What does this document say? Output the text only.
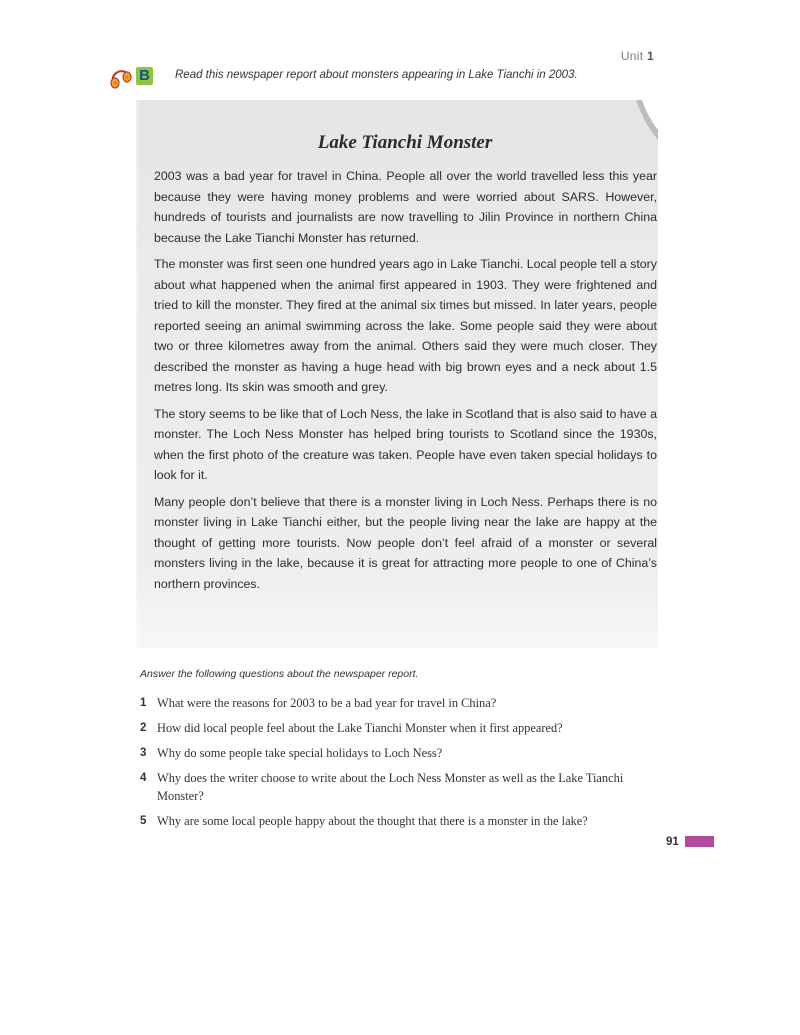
Unit 1
B Read this newspaper report about monsters appearing in Lake Tianchi in 2003.
Lake Tianchi Monster

2003 was a bad year for travel in China. People all over the world travelled less this year because they were having money problems and were worried about SARS. However, hundreds of tourists and journalists are now travelling to Jilin Province in northern China because the Lake Tianchi Monster has returned.

The monster was first seen one hundred years ago in Lake Tianchi. Local people tell a story about what happened when the animal first appeared in 1903. They were frightened and tried to kill the monster. They fired at the animal six times but missed. In later years, people reported seeing an animal swimming across the lake. Some people said they were about two or three kilometres away from the animal. Others said they were much closer. They described the monster as having a huge head with big brown eyes and a neck about 1.5 metres long. Its skin was smooth and grey.

The story seems to be like that of Loch Ness, the lake in Scotland that is also said to have a monster. The Loch Ness Monster has helped bring tourists to Scotland since the 1930s, when the first photo of the creature was taken. People have even taken special holidays to look for it.

Many people don’t believe that there is a monster living in Loch Ness. Perhaps there is no monster living in Lake Tianchi either, but the people living near the lake are happy at the thought of getting more tourists. Now people don’t feel afraid of a monster or several monsters living in the lake, because it is great for attracting more people to one of China’s northern provinces.

Answer the following questions about the newspaper report.
1 What were the reasons for 2003 to be a bad year for travel in China?
2 How did local people feel about the Lake Tianchi Monster when it first appeared?
3 Why do some people take special holidays to Loch Ness?
4 Why does the writer choose to write about the Loch Ness Monster as well as the Lake Tianchi Monster?
5 Why are some local people happy about the thought that there is a monster in the lake?
91
